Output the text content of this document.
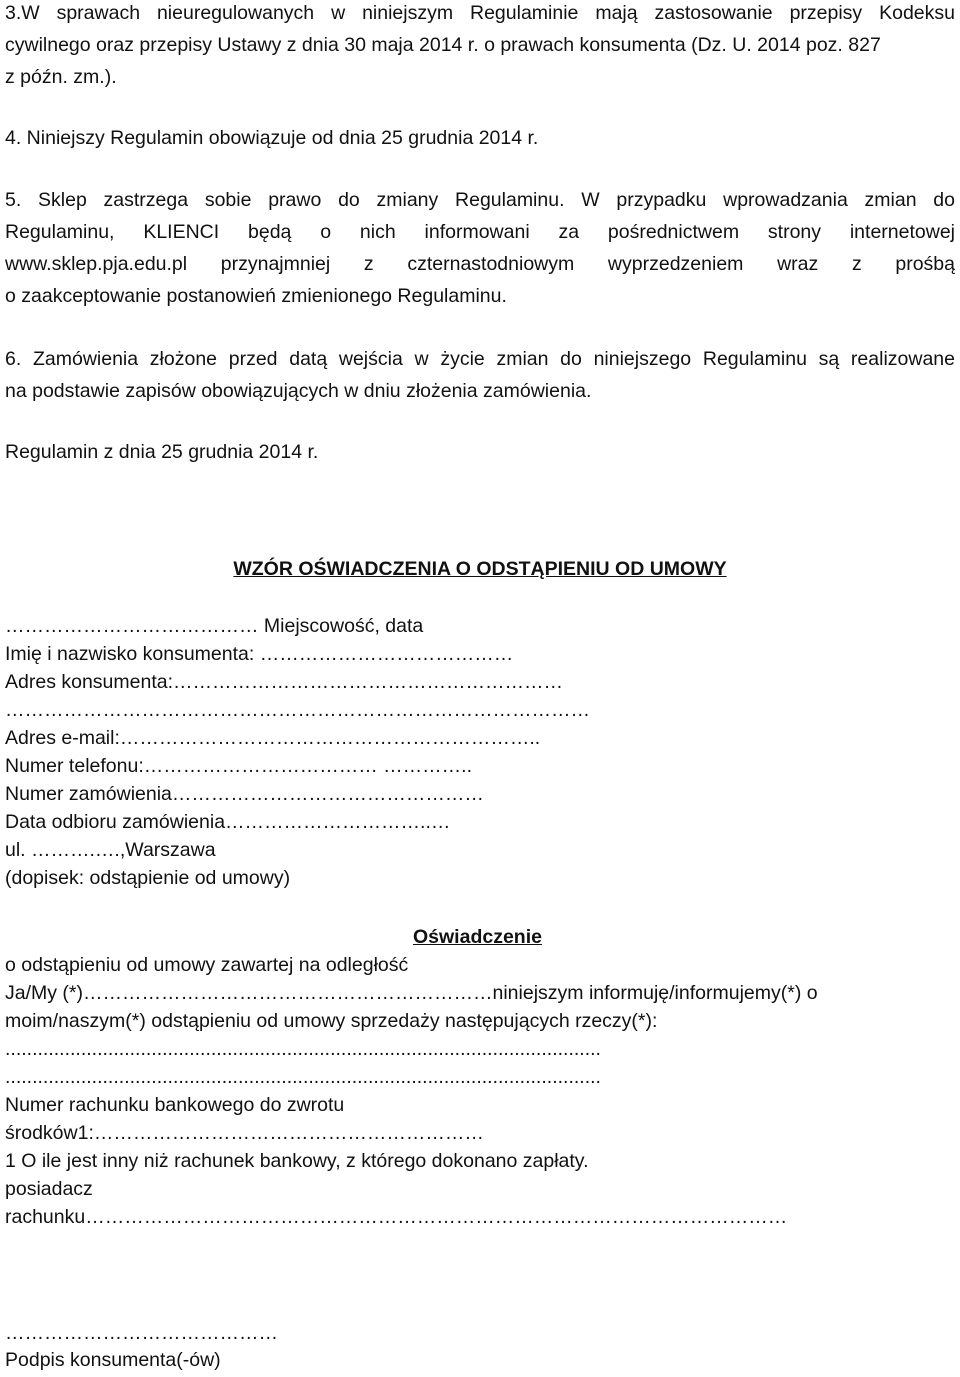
3.W sprawach nieuregulowanych w niniejszym Regulaminie mają zastosowanie przepisy Kodeksu
cywilnego oraz przepisy Ustawy z dnia 30 maja 2014 r. o prawach konsumenta (Dz. U. 2014 poz. 827
z późn. zm.).
4. Niniejszy Regulamin obowiązuje od dnia 25 grudnia 2014 r.
5. Sklep zastrzega sobie prawo do zmiany Regulaminu. W przypadku wprowadzania zmian do
Regulaminu, KLIENCI będą o nich informowani za pośrednictwem strony internetowej
www.sklep.pja.edu.pl przynajmniej z czternastodniowym wyprzedzeniem wraz z prośbą
o zaakceptowanie postanowień zmienionego Regulaminu.
6. Zamówienia złożone przed datą wejścia w życie zmian do niniejszego Regulaminu są realizowane
na podstawie zapisów obowiązujących w dniu złożenia zamówienia.
Regulamin z dnia 25 grudnia 2014 r.
WZÓR OŚWIADCZENIA O ODSTĄPIENIU OD UMOWY
………………………………… Miejscowość, data
Imię i nazwisko konsumenta: …………………………………
Adres konsumenta:……………………………………………………
………………………………………………………………………………
Adres e-mail:………………………………………………………..
Numer telefonu:……………………………… …………..
Numer zamówienia…………………………………………
Data odbioru zamówienia…………………………..…
ul. ……….….,Warszawa
(dopisek: odstąpienie od umowy)
Oświadczenie
o odstąpieniu od umowy zawartej na odległość
Ja/My (*)………………………………………………………niniejszym informuję/informujemy(*) o
moim/naszym(*) odstąpieniu od umowy sprzedaży następujących rzeczy(*):
..............................................................................................................
..............................................................................................................
Numer rachunku bankowego do zwrotu
środków1:……………………………………………………
1 O ile jest inny niż rachunek bankowy, z którego dokonano zapłaty.
posiadacz
rachunku………………………………………………………………………………………………
……………………………………
Podpis konsumenta(-ów)
